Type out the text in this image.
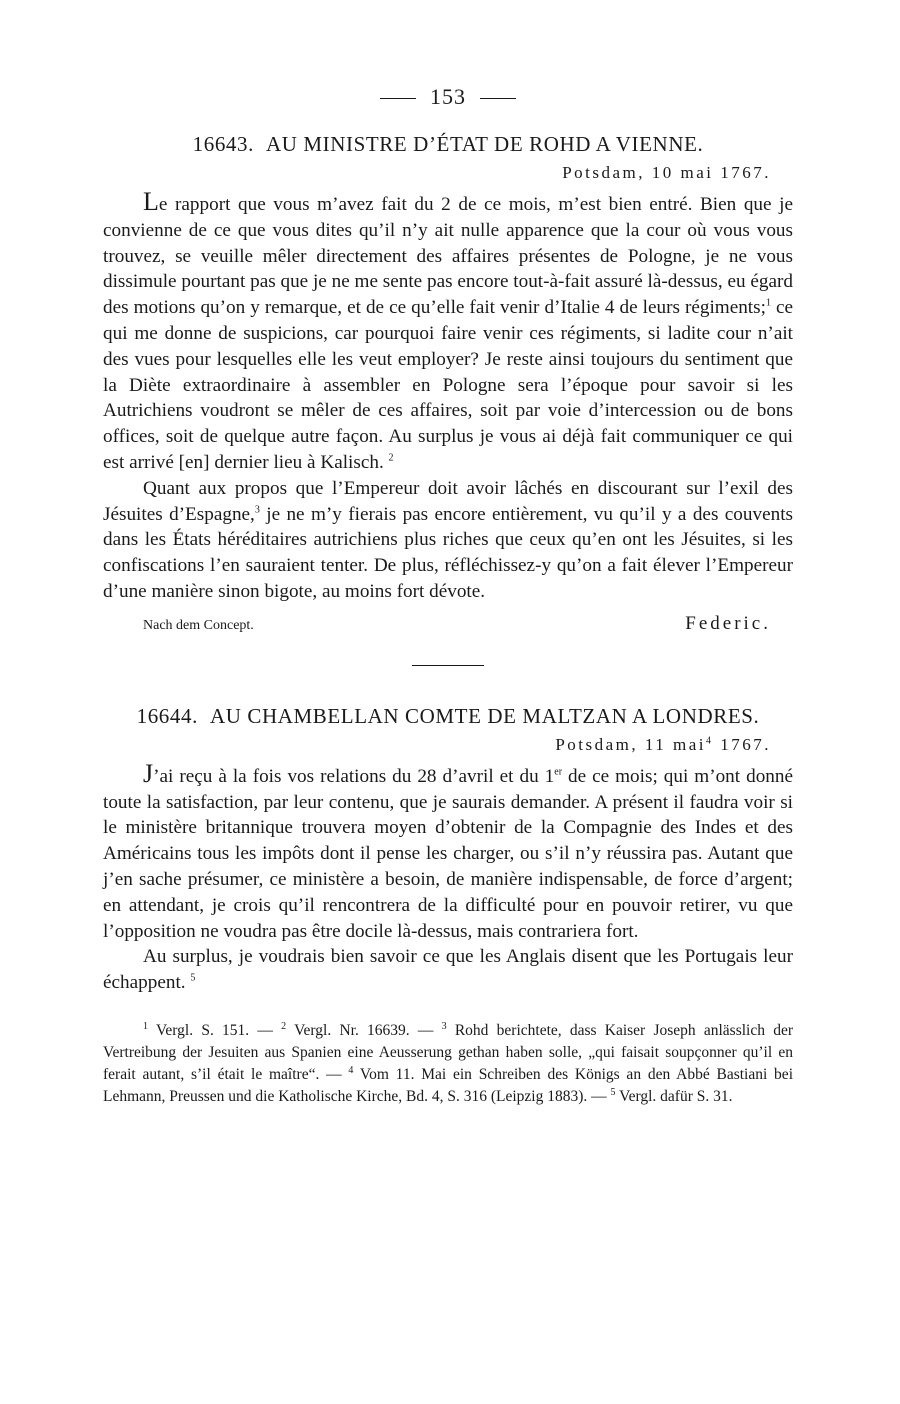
153
16643. AU MINISTRE D’ÉTAT DE ROHD A VIENNE.
Potsdam, 10 mai 1767.

Le rapport que vous m’avez fait du 2 de ce mois, m’est bien entré. Bien que je convienne de ce que vous dites qu’il n’y ait nulle apparence que la cour où vous vous trouvez, se veuille mêler directement des affaires présentes de Pologne, je ne vous dissimule pourtant pas que je ne me sente pas encore tout-à-fait assuré là-dessus, eu égard des motions qu’on y remarque, et de ce qu’elle fait venir d’Italie 4 de leurs régiments;$^1$ ce qui me donne de suspicions, car pourquoi faire venir ces régiments, si ladite cour n’ait des vues pour lesquelles elle les veut employer? Je reste ainsi toujours du sentiment que la Diète extraordinaire à assembler en Pologne sera l’époque pour savoir si les Autrichiens voudront se mêler de ces affaires, soit par voie d’intercession ou de bons offices, soit de quelque autre façon. Au surplus je vous ai déjà fait communiquer ce qui est arrivé [en] dernier lieu à Kalisch. $^2$

Quant aux propos que l’Empereur doit avoir lâchés en discourant sur l’exil des Jésuites d’Espagne,$^3$ je ne m’y fierais pas encore entièrement, vu qu’il y a des couvents dans les États héréditaires autrichiens plus riches que ceux qu’en ont les Jésuites, si les confiscations l’en sauraient tenter. De plus, réfléchissez-y qu’on a fait élever l’Empereur d’une manière sinon bigote, au moins fort dévote.

Nach dem Concept.	Federic.
16644. AU CHAMBELLAN COMTE DE MALTZAN A LONDRES.
Potsdam, 11 mai$^4$ 1767.

J’ai reçu à la fois vos relations du 28 d’avril et du 1er de ce mois; qui m’ont donné toute la satisfaction, par leur contenu, que je saurais demander. A présent il faudra voir si le ministère britannique trouvera moyen d’obtenir de la Compagnie des Indes et des Américains tous les impôts dont il pense les charger, ou s’il n’y réussira pas. Autant que j’en sache présumer, ce ministère a besoin, de manière indispensable, de force d’argent; en attendant, je crois qu’il rencontrera de la difficulté pour en pouvoir retirer, vu que l’opposition ne voudra pas être docile là-dessus, mais contrariera fort.

Au surplus, je voudrais bien savoir ce que les Anglais disent que les Portugais leur échappent. $^5$

$^1$ Vergl. S. 151. — $^2$ Vergl. Nr. 16639. — $^3$ Rohd berichtete, dass Kaiser Joseph anlässlich der Vertreibung der Jesuiten aus Spanien eine Aeusserung gethan haben solle, „qui faisait soupçonner qu’il en ferait autant, s’il était le maître“. — $^4$ Vom 11. Mai ein Schreiben des Königs an den Abbé Bastiani bei Lehmann, Preussen und die Katholische Kirche, Bd. 4, S. 316 (Leipzig 1883). — $^5$ Vergl. dafür S. 31.
